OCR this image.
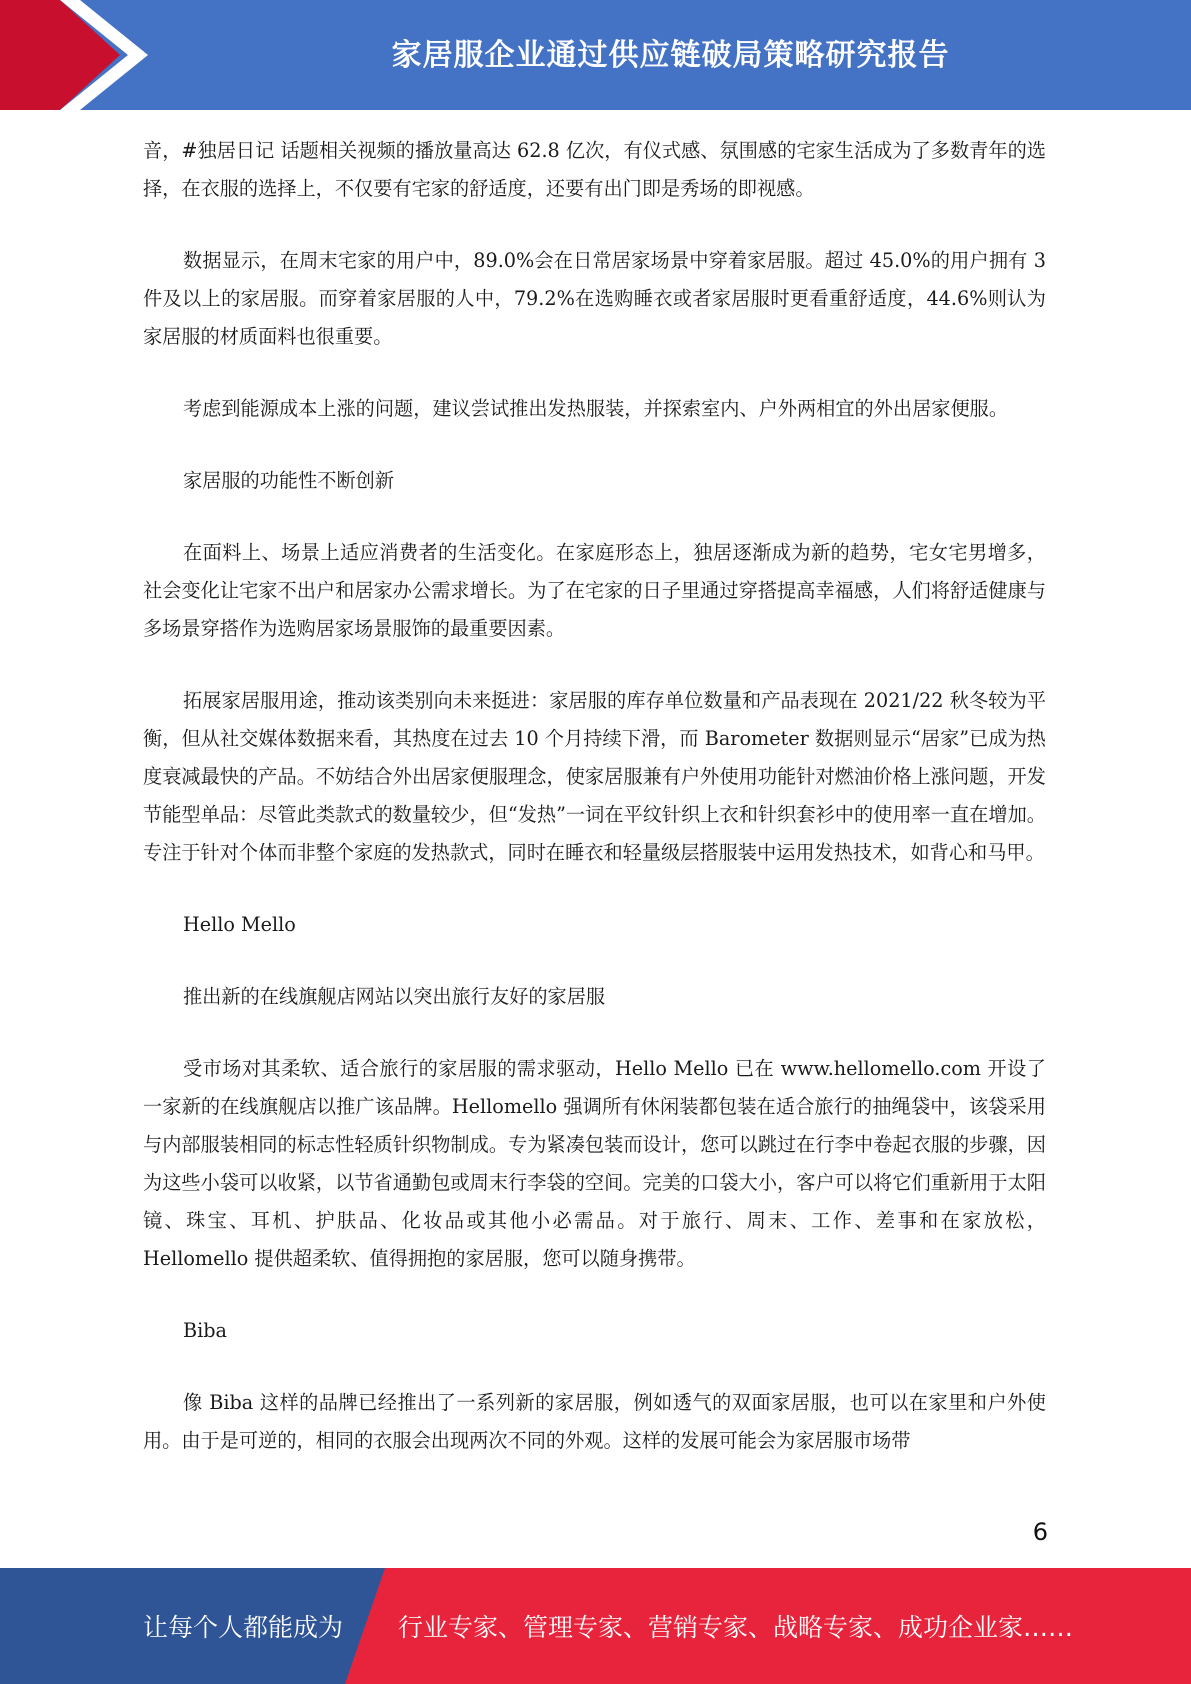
家居服企业通过供应链破局策略研究报告

音，#独居日记 话题相关视频的播放量高达 62.8 亿次，有仪式感、氛围感的宅家生活成为了多数青年的选择，在衣服的选择上，不仅要有宅家的舒适度，还要有出门即是秀场的即视感。

数据显示，在周末宅家的用户中，89.0%会在日常居家场景中穿着家居服。超过 45.0%的用户拥有 3 件及以上的家居服。而穿着家居服的人中，79.2%在选购睡衣或者家居服时更看重舒适度，44.6%则认为家居服的材质面料也很重要。

考虑到能源成本上涨的问题，建议尝试推出发热服装，并探索室内、户外两相宜的外出居家便服。

家居服的功能性不断创新

在面料上、场景上适应消费者的生活变化。在家庭形态上，独居逐渐成为新的趋势，宅女宅男增多，社会变化让宅家不出户和居家办公需求增长。为了在宅家的日子里通过穿搭提高幸福感，人们将舒适健康与多场景穿搭作为选购居家场景服饰的最重要因素。

拓展家居服用途，推动该类别向未来挺进：家居服的库存单位数量和产品表现在 2021/22 秋冬较为平衡，但从社交媒体数据来看，其热度在过去 10 个月持续下滑，而 Barometer 数据则显示“居家”已成为热度衰减最快的产品。不妨结合外出居家便服理念，使家居服兼有户外使用功能针对燃油价格上涨问题，开发节能型单品：尽管此类款式的数量较少，但“发热”一词在平纹针织上衣和针织套衫中的使用率一直在增加。专注于针对个体而非整个家庭的发热款式，同时在睡衣和轻量级层搭服装中运用发热技术，如背心和马甲。

Hello Mello

推出新的在线旗舰店网站以突出旅行友好的家居服

受市场对其柔软、适合旅行的家居服的需求驱动，Hello Mello 已在 www.hellomello.com 开设了一家新的在线旗舰店以推广该品牌。Hellomello 强调所有休闲装都包装在适合旅行的抽绳袋中，该袋采用与内部服装相同的标志性轻质针织物制成。专为紧凑包装而设计，您可以跳过在行李中卷起衣服的步骤，因为这些小袋可以收紧，以节省通勤包或周末行李袋的空间。完美的口袋大小，客户可以将它们重新用于太阳镜、珠宝、耳机、护肤品、化妆品或其他小必需品。对于旅行、周末、工作、差事和在家放松，Hellomello 提供超柔软、值得拥抱的家居服，您可以随身携带。

Biba

像 Biba 这样的品牌已经推出了一系列新的家居服，例如透气的双面家居服，也可以在家里和户外使用。由于是可逆的，相同的衣服会出现两次不同的外观。这样的发展可能会为家居服市场带

6
让每个人都能成为 行业专家、管理专家、营销专家、战略专家、成功企业家……
